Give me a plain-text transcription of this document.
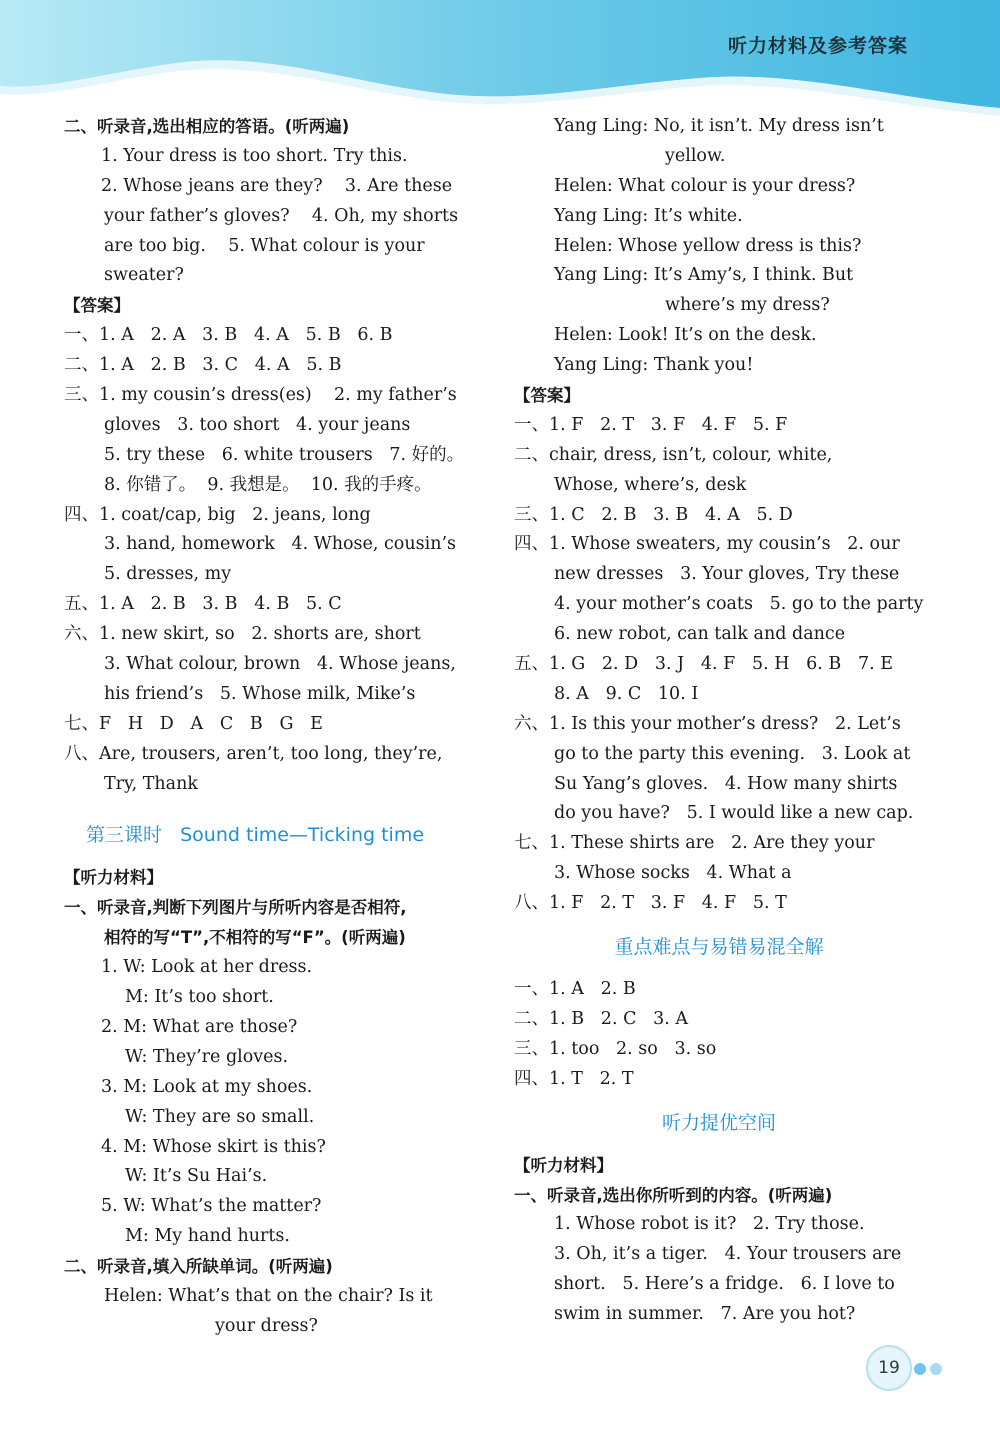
听力材料及参考答案
二、听录音,选出相应的答语。(听两遍)
1. Your dress is too short. Try this.
2. Whose jeans are they?    3. Are these
your father’s gloves?    4. Oh, my shorts
are too big.    5. What colour is your
sweater?
【答案】
一、1. A   2. A   3. B   4. A   5. B   6. B
二、1. A   2. B   3. C   4. A   5. B
三、1. my cousin’s dress(es)    2. my father’s
gloves   3. too short   4. your jeans
5. try these   6. white trousers   7. 好的。
8. 你错了。  9. 我想是。  10. 我的手疼。
四、1. coat/cap, big   2. jeans, long
3. hand, homework   4. Whose, cousin’s
5. dresses, my
五、1. A   2. B   3. B   4. B   5. C
六、1. new skirt, so   2. shorts are, short
3. What colour, brown   4. Whose jeans,
his friend’s   5. Whose milk, Mike’s
七、F   H   D   A   C   B   G   E
八、Are, trousers, aren’t, too long, they’re,
Try, Thank
第三课时   Sound time—Ticking time
【听力材料】
一、听录音,判断下列图片与所听内容是否相符,
相符的写“T”,不相符的写“F”。(听两遍)
1. W: Look at her dress.
M: It’s too short.
2. M: What are those?
W: They’re gloves.
3. M: Look at my shoes.
W: They are so small.
4. M: Whose skirt is this?
W: It’s Su Hai’s.
5. W: What’s the matter?
M: My hand hurts.
二、听录音,填入所缺单词。(听两遍)
Helen: What’s that on the chair? Is it
your dress?
Yang Ling: No, it isn’t. My dress isn’t
yellow.
Helen: What colour is your dress?
Yang Ling: It’s white.
Helen: Whose yellow dress is this?
Yang Ling: It’s Amy’s, I think. But
where’s my dress?
Helen: Look! It’s on the desk.
Yang Ling: Thank you!
【答案】
一、1. F   2. T   3. F   4. F   5. F
二、chair, dress, isn’t, colour, white,
Whose, where’s, desk
三、1. C   2. B   3. B   4. A   5. D
四、1. Whose sweaters, my cousin’s   2. our
new dresses   3. Your gloves, Try these
4. your mother’s coats   5. go to the party
6. new robot, can talk and dance
五、1. G   2. D   3. J   4. F   5. H   6. B   7. E
8. A   9. C   10. I
六、1. Is this your mother’s dress?   2. Let’s
go to the party this evening.   3. Look at
Su Yang’s gloves.   4. How many shirts
do you have?   5. I would like a new cap.
七、1. These shirts are   2. Are they your
3. Whose socks   4. What a
八、1. F   2. T   3. F   4. F   5. T
重点难点与易错易混全解
一、1. A   2. B
二、1. B   2. C   3. A
三、1. too   2. so   3. so
四、1. T   2. T
听力提优空间
【听力材料】
一、听录音,选出你所听到的内容。(听两遍)
1. Whose robot is it?   2. Try those.
3. Oh, it’s a tiger.   4. Your trousers are
short.   5. Here’s a fridge.   6. I love to
swim in summer.   7. Are you hot?
19
